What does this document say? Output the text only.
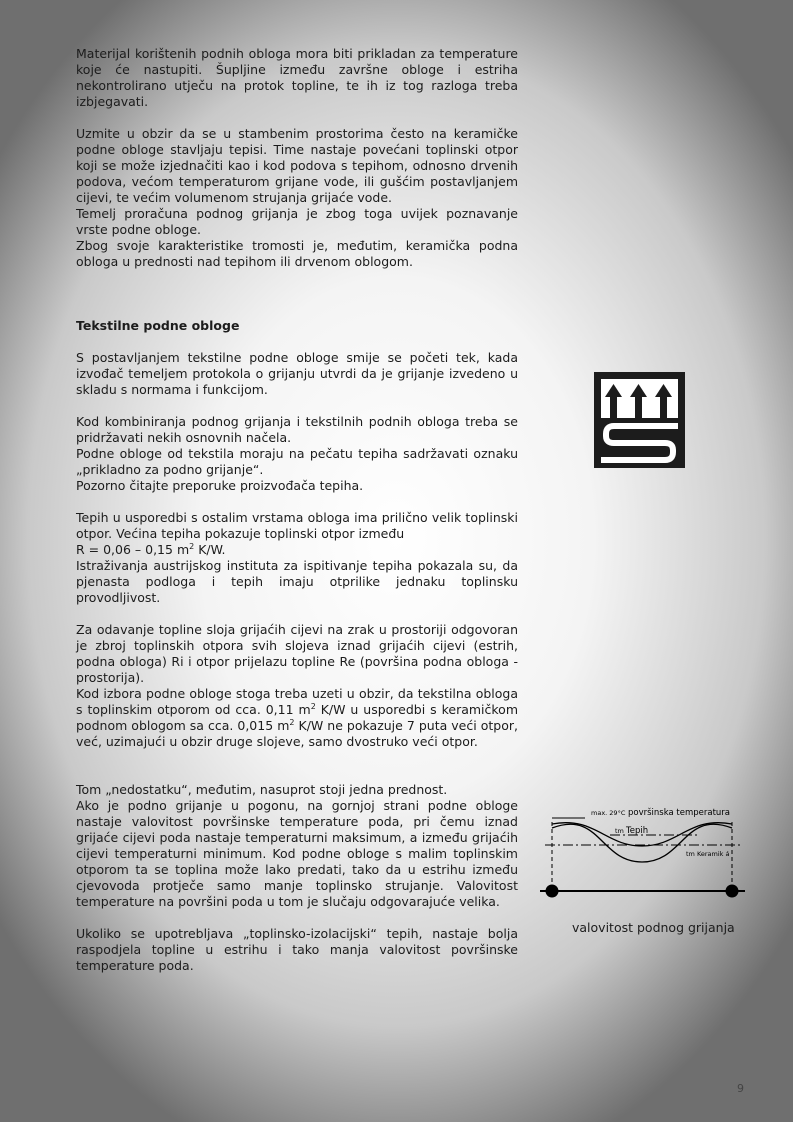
Materijal korištenih podnih obloga mora biti prikladan za temperature koje će nastupiti. Šupljine između završne obloge i estriha nekontrolirano utječu na protok topline, te ih iz tog razloga treba izbjegavati.

Uzmite u obzir da se u stambenim prostorima često na keramičke podne obloge stavljaju tepisi. Time nastaje povećani toplinski otpor koji se može izjednačiti kao i kod podova s tepihom, odnosno drvenih podova, većom temperaturom grijane vode, ili gušćim postavljanjem cijevi, te većim volumenom strujanja grijaće vode.

Temelj proračuna podnog grijanja je zbog toga uvijek poznavanje vrste podne obloge.

Zbog svoje karakteristike tromosti je, međutim, keramička podna obloga u prednosti nad tepihom ili drvenom oblogom.

Tekstilne podne obloge

S postavljanjem tekstilne podne obloge smije se početi tek, kada izvođač temeljem protokola o grijanju utvrdi da je grijanje izvedeno u skladu s normama i funkcijom.

Kod kombiniranja podnog grijanja i tekstilnih podnih obloga treba se pridržavati nekih osnovnih načela.

Podne obloge od tekstila moraju na pečatu tepiha sadržavati oznaku „prikladno za podno grijanje“.

Pozorno čitajte preporuke proizvođača tepiha.

Tepih u usporedbi s ostalim vrstama obloga ima prilično velik toplinski otpor. Većina tepiha pokazuje toplinski otpor između

R = 0,06 – 0,15 $m^2$ K/W.

Istraživanja austrijskog instituta za ispitivanje tepiha pokazala su, da pjenasta podloga i tepih imaju otprilike jednaku toplinsku provodljivost.

Za odavanje topline sloja grijaćih cijevi na zrak u prostoriji odgovoran je zbroj toplinskih otpora svih slojeva iznad grijaćih cijevi (estrih, podna obloga) Ri i otpor prijelazu topline Re (površina podna obloga - prostorija).

Kod izbora podne obloge stoga treba uzeti u obzir, da tekstilna obloga s toplinskim otporom od cca. 0,11 $m^2$ K/W u usporedbi s keramičkom podnom oblogom sa cca. 0,015 $m^2$ K/W ne pokazuje 7 puta veći otpor, već, uzimajući u obzir druge slojeve, samo dvostruko veći otpor.

Tom „nedostatku“, međutim, nasuprot stoji jedna prednost.

Ako je podno grijanje u pogonu, na gornjoj strani podne obloge nastaje valovitost površinske temperature poda, pri čemu iznad grijaće cijevi poda nastaje temperaturni maksimum, a između grijaćih cijevi temperaturni minimum. Kod podne obloge s malim toplinskim otporom ta se toplina može lako predati, tako da u estrihu između cjevovoda protječe samo manje toplinsko strujanje. Valovitost temperature na površini poda u tom je slučaju odgovarajuće velika.

Ukoliko se upotrebljava „toplinsko-izolacijski“ tepih, nastaje bolja raspodjela topline u estrihu i tako manja valovitost površinske temperature poda.

max. 29°C površinska temperatura
tm Tepih
tm Keramik á
valovitost podnog grijanja
9
